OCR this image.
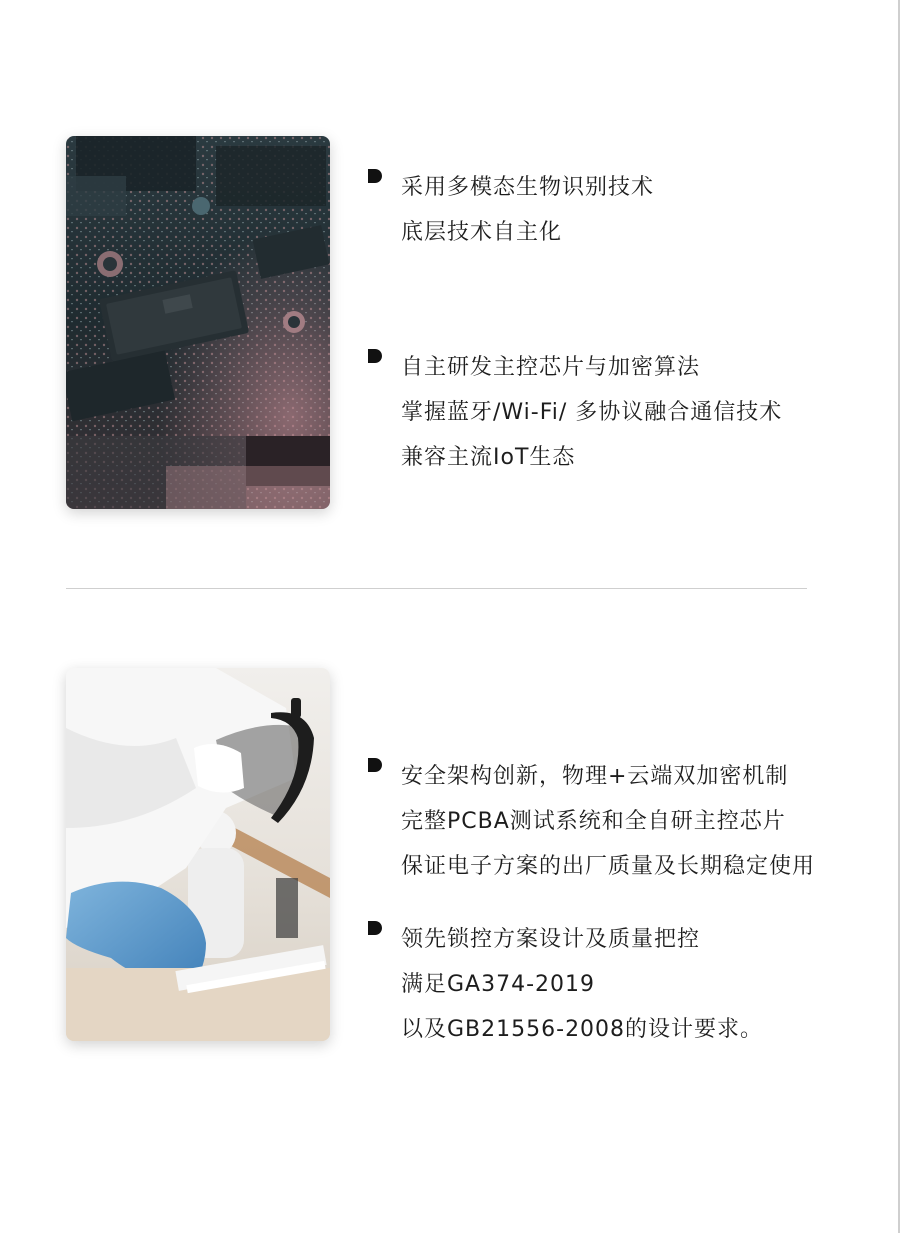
采用多模态生物识别技术
底层技术自主化
自主研发主控芯片与加密算法
掌握蓝牙/Wi-Fi/ 多协议融合通信技术
兼容主流IoT生态
安全架构创新，物理+云端双加密机制
完整PCBA测试系统和全自研主控芯片
保证电子方案的出厂质量及长期稳定使用
领先锁控方案设计及质量把控
满足GA374-2019
以及GB21556-2008的设计要求。
